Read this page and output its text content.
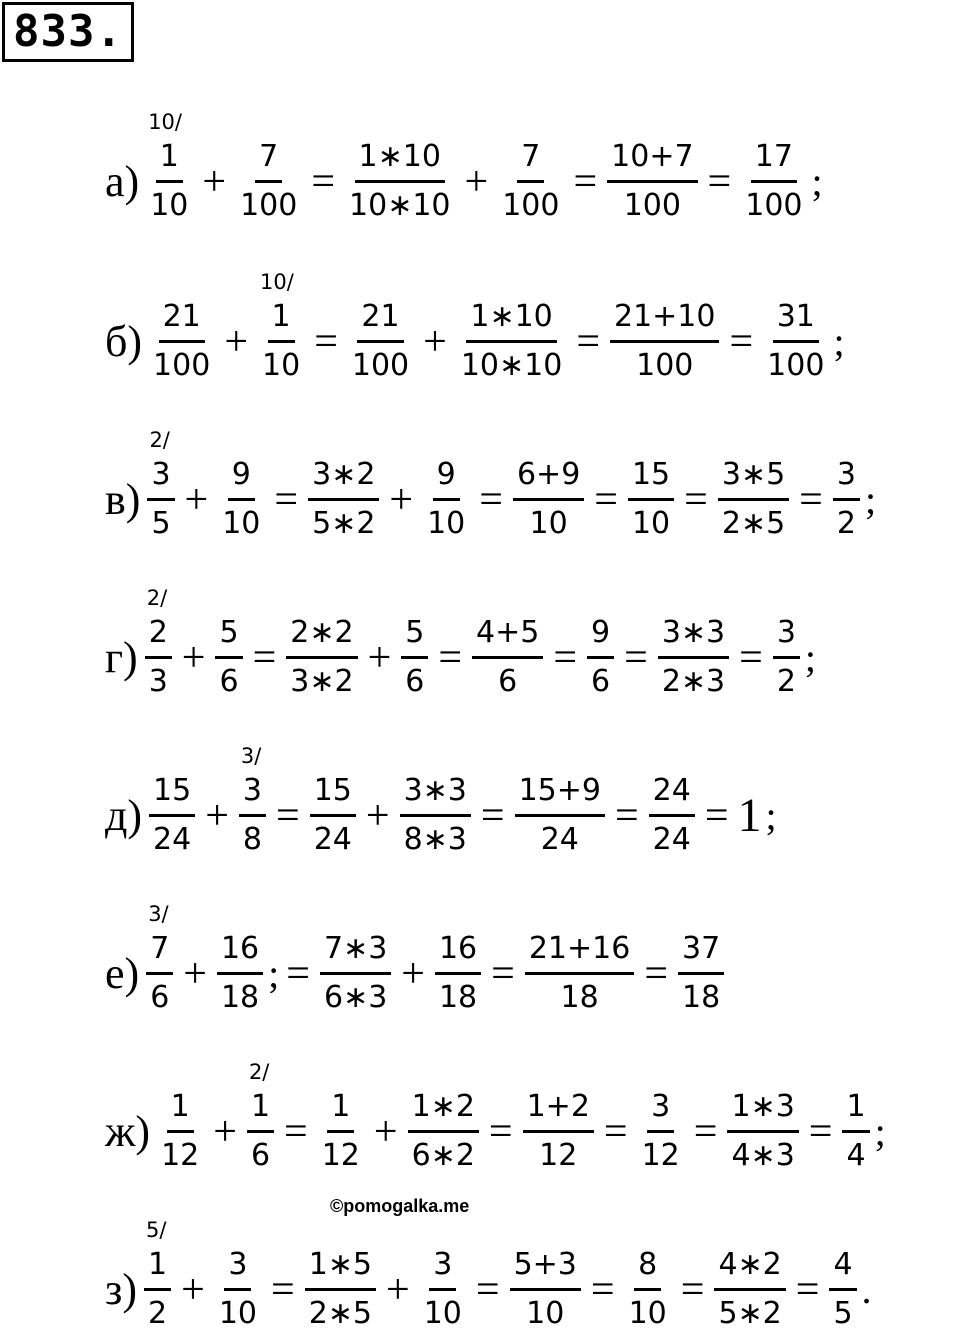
833.
а)
10/
1
10
+ $\frac{7}{100} = \frac{1∗10}{10∗10} + \frac{7}{100} = \frac{10+7}{100} = \frac{17}{100}$ ;
$б) \frac{21}{100}$ +
10/
1
10
= $\frac{21}{100} + \frac{1∗10}{10∗10} = \frac{21+10}{100} = \frac{31}{100}$ ;
в)
2/
3
5
+ $\frac{9}{10} = \frac{3∗2}{5∗2} + \frac{9}{10} = \frac{6+9}{10} = \frac{15}{10} = \frac{3∗5}{2∗5} = \frac{3}{2}$ ;
г)
2/
2
3
+ $\frac{5}{6} = \frac{2∗2}{3∗2} + \frac{5}{6} = \frac{4+5}{6} = \frac{9}{6} = \frac{3∗3}{2∗3} = \frac{3}{2}$ ;
$д) \frac{15}{24}$ +
3/
3
8
= $\frac{15}{24} + \frac{3∗3}{8∗3} = \frac{15+9}{24} = \frac{24}{24} = 1$ ;
е)
3/
7
6
+ $\frac{16}{18}$ ; = $\frac{7∗3}{6∗3} + \frac{16}{18} = \frac{21+16}{18} = \frac{37}{18}$
$ж) \frac{1}{12}$ +
2/
1
6
= $\frac{1}{12} + \frac{1∗2}{6∗2} = \frac{1+2}{12} = \frac{3}{12} = \frac{1∗3}{4∗3} = \frac{1}{4}$ ;
з)
5/
1
2
+ $\frac{3}{10} = \frac{1∗5}{2∗5} + \frac{3}{10} = \frac{5+3}{10} = \frac{8}{10} = \frac{4∗2}{5∗2} = \frac{4}{5}$ .
©pomogalka.me
